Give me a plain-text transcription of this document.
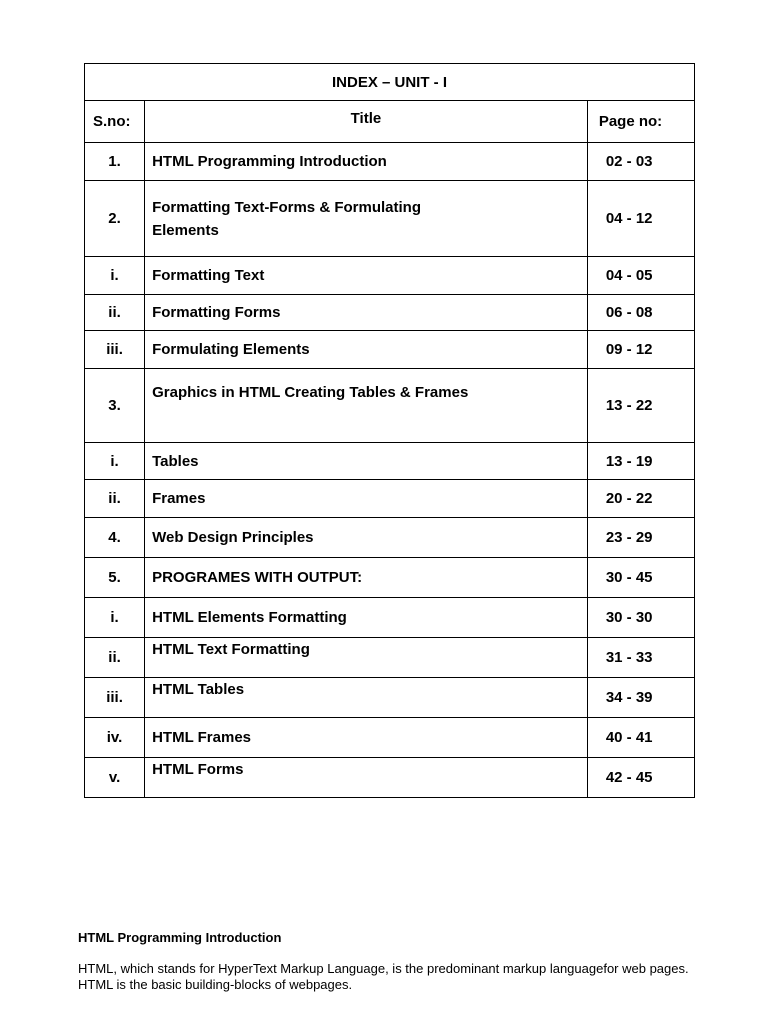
INDEX – UNIT - I		
S.no:	Title	Page no:
1.	HTML Programming Introduction	02 - 03
2.	Formatting Text-Forms & Formulating Elements	04 - 12
i.	Formatting Text	04 - 05
ii.	Formatting Forms	06 - 08
iii.	Formulating Elements	09 - 12
3.	Graphics in HTML Creating Tables & Frames	13 - 22
i.	Tables	13 - 19
ii.	Frames	20 - 22
4.	Web Design Principles	23 - 29
5.	PROGRAMES WITH OUTPUT:	30 - 45
i.	HTML Elements Formatting	30 - 30
ii.	HTML Text Formatting	31 - 33
iii.	HTML Tables	34 - 39
iv.	HTML Frames	40 - 41
v.	HTML Forms	42 - 45

HTML Programming Introduction

HTML, which stands for HyperText Markup Language, is the predominant markup languagefor web pages. HTML is the basic building-blocks of webpages.
